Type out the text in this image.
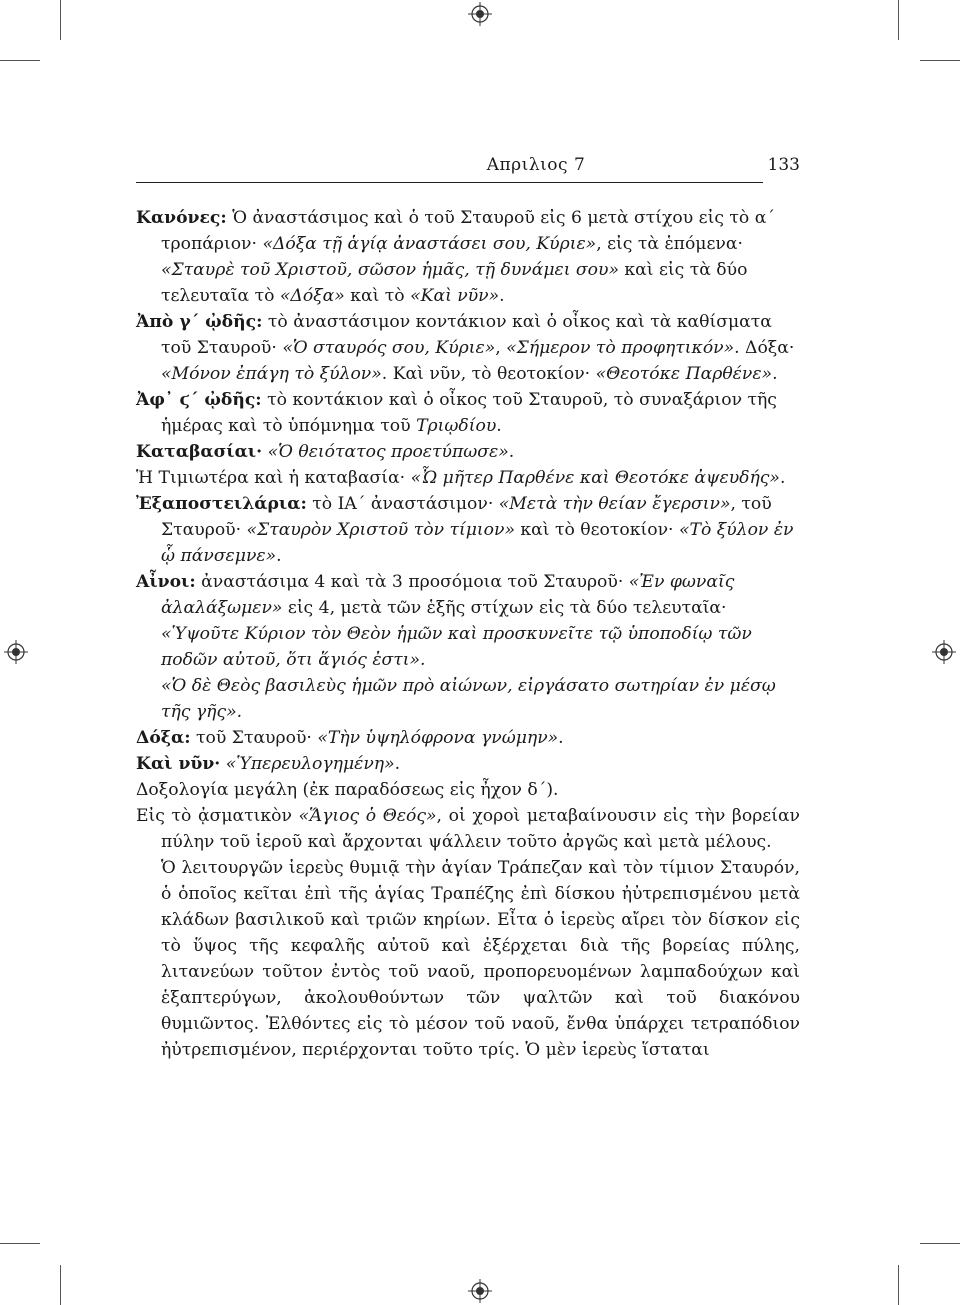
Απριλιος 7	133

Κανόνες: Ὁ ἀναστάσιμος καὶ ὁ τοῦ Σταυροῦ εἰς 6 μετὰ στίχου εἰς τὸ α΄ τροπάριον· «Δόξα τῇ ἁγίᾳ ἀναστάσει σου, Κύριε», εἰς τὰ ἑπόμενα· «Σταυρὲ τοῦ Χριστοῦ, σῶσον ἡμᾶς, τῇ δυνάμει σου» καὶ εἰς τὰ δύο τελευταῖα τὸ «Δόξα» καὶ τὸ «Καὶ νῦν».

Ἀπὸ γ΄ ᾠδῆς: τὸ ἀναστάσιμον κοντάκιον καὶ ὁ οἶκος καὶ τὰ καθίσματα τοῦ Σταυροῦ· «Ὁ σταυρός σου, Κύριε», «Σήμερον τὸ προφητικόν». Δόξα· «Μόνον ἐπάγη τὸ ξύλον». Καὶ νῦν, τὸ θεοτοκίον· «Θεοτόκε Παρθένε».

Ἀφ᾽ ϛ΄ ᾠδῆς: τὸ κοντάκιον καὶ ὁ οἶκος τοῦ Σταυροῦ, τὸ συναξάριον τῆς ἡμέρας καὶ τὸ ὑπόμνημα τοῦ Τριῳδίου.

Καταβασίαι· «Ὁ θειότατος προετύπωσε».

Ἡ Τιμιωτέρα καὶ ἡ καταβασία· «Ὦ μῆτερ Παρθένε καὶ Θεοτόκε ἀψευδής».

Ἐξαποστειλάρια: τὸ ΙΑ΄ ἀναστάσιμον· «Μετὰ τὴν θείαν ἔγερσιν», τοῦ Σταυροῦ· «Σταυρὸν Χριστοῦ τὸν τίμιον» καὶ τὸ θεοτοκίον· «Τὸ ξύλον ἐν ᾧ πάνσεμνε».

Αἶνοι: ἀναστάσιμα 4 καὶ τὰ 3 προσόμοια τοῦ Σταυροῦ· «Ἐν φωναῖς ἀλαλάξωμεν» εἰς 4, μετὰ τῶν ἑξῆς στίχων εἰς τὰ δύο τελευταῖα·

«Ὑψοῦτε Κύριον τὸν Θεὸν ἡμῶν καὶ προσκυνεῖτε τῷ ὑποποδίῳ τῶν ποδῶν αὐτοῦ, ὅτι ἅγιός ἐστι».

«Ὁ δὲ Θεὸς βασιλεὺς ἡμῶν πρὸ αἰώνων, εἰργάσατο σωτηρίαν ἐν μέσῳ τῆς γῆς».

Δόξα: τοῦ Σταυροῦ· «Τὴν ὑψηλόφρονα γνώμην».

Καὶ νῦν· «Ὑπερευλογημένη».

Δοξολογία μεγάλη (ἐκ παραδόσεως εἰς ἦχον δ΄).

Εἰς τὸ ᾀσματικὸν «Ἅγιος ὁ Θεός», οἱ χοροὶ μεταβαίνουσιν εἰς τὴν βορείαν πύλην τοῦ ἱεροῦ καὶ ἄρχονται ψάλλειν τοῦτο ἀργῶς καὶ μετὰ μέλους.

Ὁ λειτουργῶν ἱερεὺς θυμιᾷ τὴν ἁγίαν Τράπεζαν καὶ τὸν τίμιον Σταυρόν, ὁ ὁποῖος κεῖται ἐπὶ τῆς ἁγίας Τραπέζης ἐπὶ δίσκου ἠὐτρεπισμένου μετὰ κλάδων βασιλικοῦ καὶ τριῶν κηρίων. Εἶτα ὁ ἱερεὺς αἴρει τὸν δίσκον εἰς τὸ ὕψος τῆς κεφαλῆς αὐτοῦ καὶ ἐξέρχεται διὰ τῆς βορείας πύλης, λιτανεύων τοῦτον ἐντὸς τοῦ ναοῦ, προπορευομένων λαμπαδούχων καὶ ἑξαπτερύγων, ἀκολουθούντων τῶν ψαλτῶν καὶ τοῦ διακόνου θυμιῶντος. Ἐλθόντες εἰς τὸ μέσον τοῦ ναοῦ, ἔνθα ὑπάρχει τετραπόδιον ἠὐτρεπισμένον, περιέρχονται τοῦτο τρίς. Ὁ μὲν ἱερεὺς ἵσταται
